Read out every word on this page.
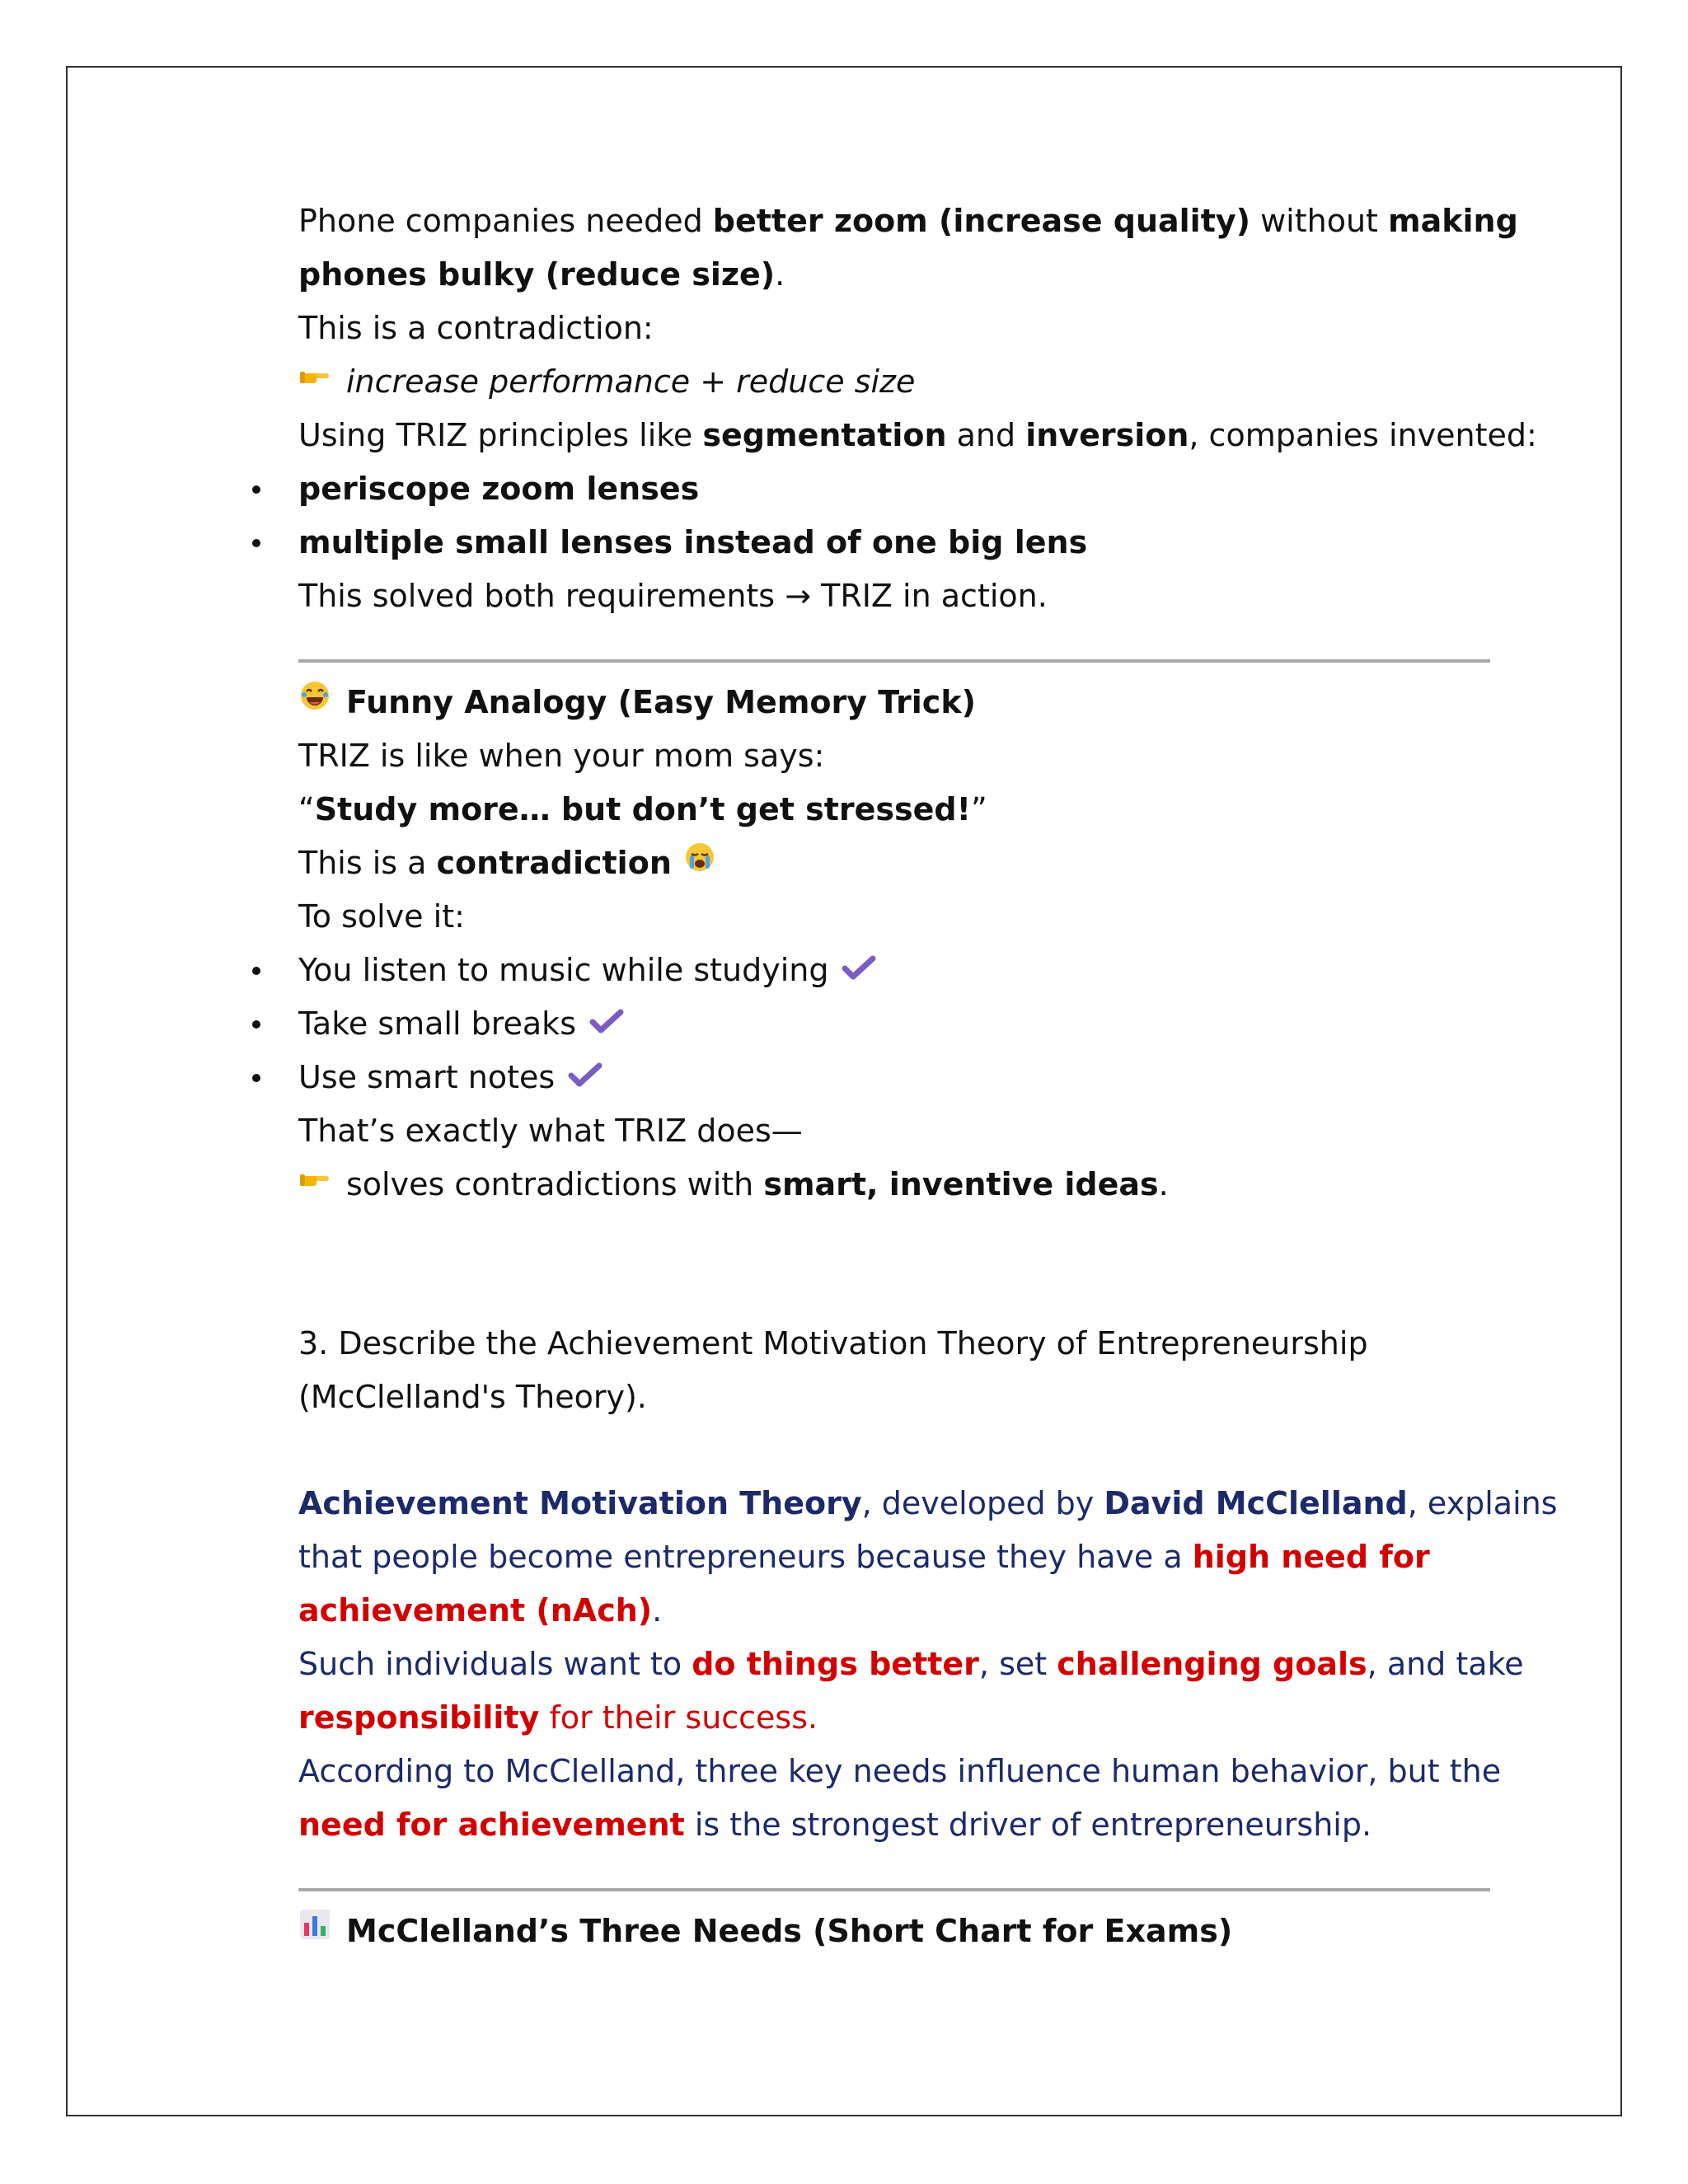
Phone companies needed better zoom (increase quality) without making
phones bulky (reduce size).
This is a contradiction:
increase performance + reduce size
Using TRIZ principles like segmentation and inversion, companies invented:
periscope zoom lenses
multiple small lenses instead of one big lens
This solved both requirements → TRIZ in action.
Funny Analogy (Easy Memory Trick)
TRIZ is like when your mom says:
“Study more… but don’t get stressed!”
This is a contradiction
To solve it:
You listen to music while studying
Take small breaks
Use smart notes
That’s exactly what TRIZ does—
solves contradictions with smart, inventive ideas.
3. Describe the Achievement Motivation Theory of Entrepreneurship
(McClelland's Theory).
Achievement Motivation Theory, developed by David McClelland, explains
that people become entrepreneurs because they have a high need for
achievement (nAch).
Such individuals want to do things better, set challenging goals, and take
responsibility for their success.
According to McClelland, three key needs influence human behavior, but the
need for achievement is the strongest driver of entrepreneurship.
McClelland’s Three Needs (Short Chart for Exams)
